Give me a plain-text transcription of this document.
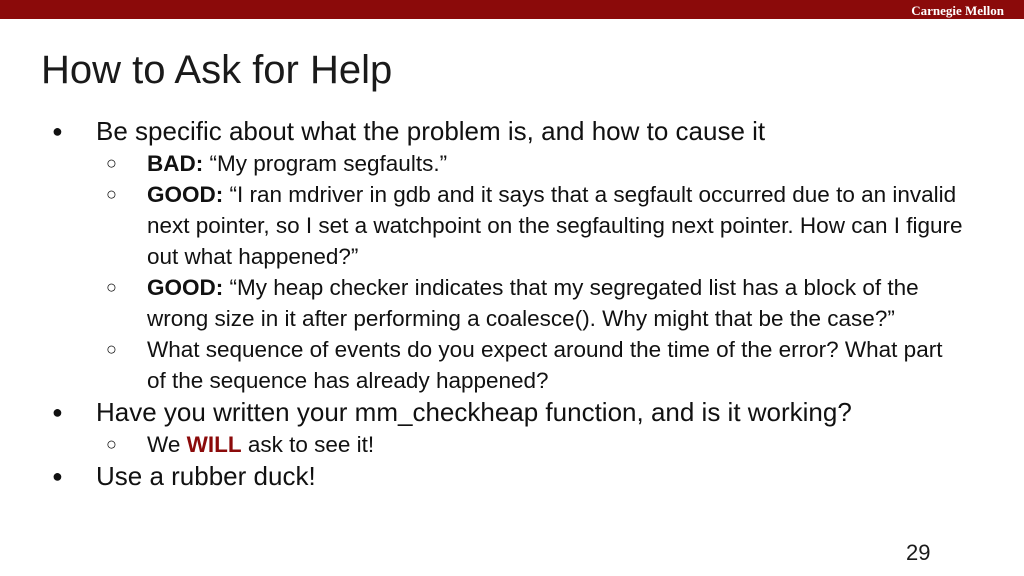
Carnegie Mellon
How to Ask for Help
● Be specific about what the problem is, and how to cause it
○ BAD: “My program segfaults.”
○ GOOD: “I ran mdriver in gdb and it says that a segfault occurred due to an invalid next pointer, so I set a watchpoint on the segfaulting next pointer. How can I figure out what happened?”
○ GOOD: “My heap checker indicates that my segregated list has a block of the wrong size in it after performing a coalesce(). Why might that be the case?”
○ What sequence of events do you expect around the time of the error? What part of the sequence has already happened?
● Have you written your mm_checkheap function, and is it working?
○ We WILL ask to see it!
● Use a rubber duck!
29
